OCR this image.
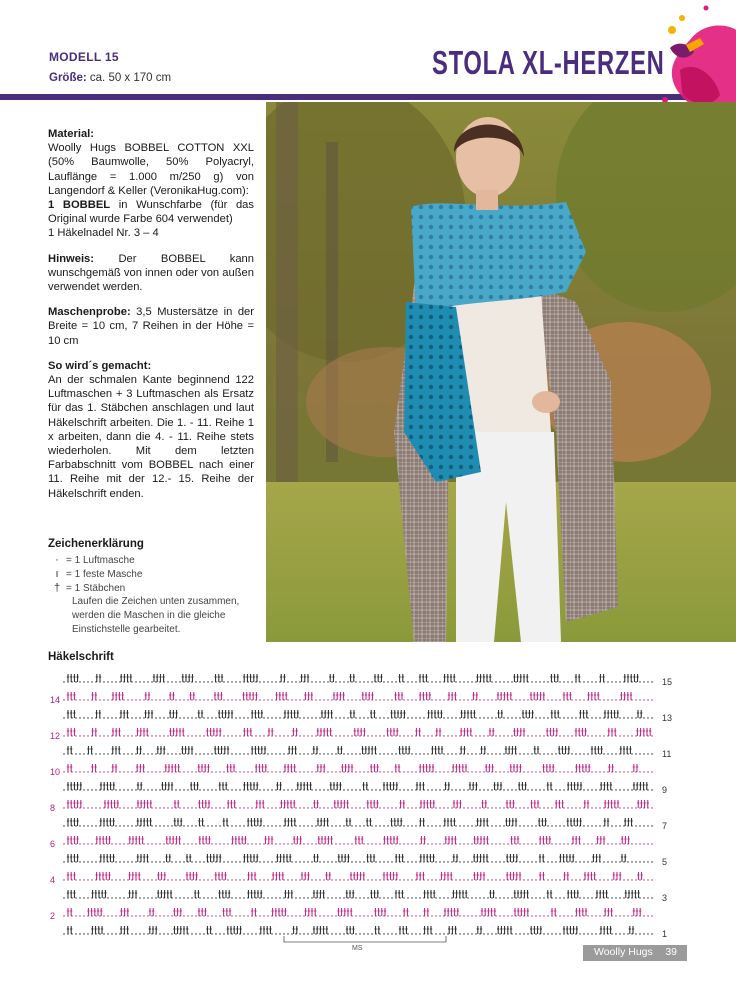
MODELL 15
Größe: ca. 50 x 170 cm	STOLA XL-HERZEN

Material:
Woolly Hugs BOBBEL COTTON XXL (50% Baumwolle, 50% Polyacryl, Lauflänge = 1.000 m/250 g) von Langendorf & Keller (VeronikaHug.com):
1 BOBBEL in Wunschfarbe (für das Original wurde Farbe 604 verwendet)
1 Häkelnadel Nr. 3 – 4

Hinweis: Der BOBBEL kann wunschgemäß von innen oder von außen verwendet werden.

Maschenprobe: 3,5 Mustersätze in der Breite = 10 cm, 7 Reihen in der Höhe = 10 cm

So wird´s gemacht:
An der schmalen Kante beginnend 122 Luftmaschen + 3 Luftmaschen als Ersatz für das 1. Stäbchen anschlagen und laut Häkelschrift arbeiten. Die 1. - 11. Reihe 1 x arbeiten, dann die 4. - 11. Reihe stets wiederholen. Mit dem letzten Farbabschnitt vom BOBBEL nach einer 11. Reihe mit der 12.- 15. Reihe der Häkelschrift enden.

Zeichenerklärung
· = 1 Luftmasche
ı = 1 feste Masche
† = 1 Stäbchen
Laufen die Zeichen unten zusammen, werden die Maschen in die gleiche Einstichstelle gearbeitet.
Häkelschrift
1
3
5
7
9
11
13
15
2
4
6
8
10
12
14
MS	Woolly Hugs 39
